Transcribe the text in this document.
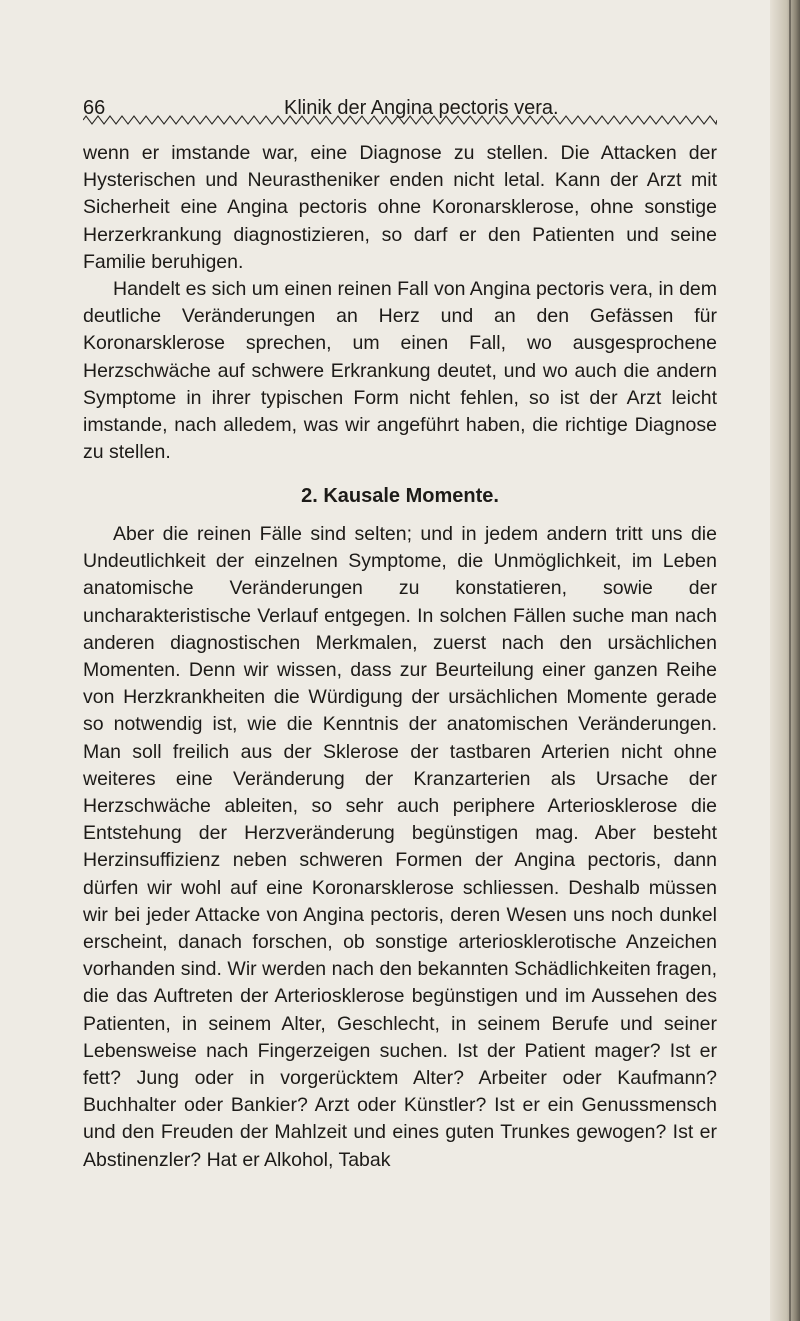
66	Klinik der Angina pectoris vera.

wenn er imstande war, eine Diagnose zu stellen. Die Attacken der Hysterischen und Neurastheniker enden nicht letal. Kann der Arzt mit Sicherheit eine Angina pectoris ohne Koronarsklerose, ohne sonstige Herzerkrankung diagnostizieren, so darf er den Patienten und seine Familie beruhigen.

Handelt es sich um einen reinen Fall von Angina pectoris vera, in dem deutliche Veränderungen an Herz und an den Gefässen für Koronarsklerose sprechen, um einen Fall, wo ausgesprochene Herzschwäche auf schwere Erkrankung deutet, und wo auch die andern Symptome in ihrer typischen Form nicht fehlen, so ist der Arzt leicht imstande, nach alledem, was wir angeführt haben, die richtige Diagnose zu stellen.

2. Kausale Momente.

Aber die reinen Fälle sind selten; und in jedem andern tritt uns die Undeutlichkeit der einzelnen Symptome, die Unmöglichkeit, im Leben anatomische Veränderungen zu konstatieren, sowie der uncharakteristische Verlauf entgegen. In solchen Fällen suche man nach anderen diagnostischen Merkmalen, zuerst nach den ursächlichen Momenten. Denn wir wissen, dass zur Beurteilung einer ganzen Reihe von Herzkrankheiten die Würdigung der ursächlichen Momente gerade so notwendig ist, wie die Kenntnis der anatomischen Veränderungen. Man soll freilich aus der Sklerose der tastbaren Arterien nicht ohne weiteres eine Veränderung der Kranzarterien als Ursache der Herzschwäche ableiten, so sehr auch periphere Arteriosklerose die Entstehung der Herzveränderung begünstigen mag. Aber besteht Herzinsuffizienz neben schweren Formen der Angina pectoris, dann dürfen wir wohl auf eine Koronarsklerose schliessen. Deshalb müssen wir bei jeder Attacke von Angina pectoris, deren Wesen uns noch dunkel erscheint, danach forschen, ob sonstige arteriosklerotische Anzeichen vorhanden sind. Wir werden nach den bekannten Schädlichkeiten fragen, die das Auftreten der Arteriosklerose begünstigen und im Aussehen des Patienten, in seinem Alter, Geschlecht, in seinem Berufe und seiner Lebensweise nach Fingerzeigen suchen. Ist der Patient mager? Ist er fett? Jung oder in vorgerücktem Alter? Arbeiter oder Kaufmann? Buchhalter oder Bankier? Arzt oder Künstler? Ist er ein Genussmensch und den Freuden der Mahlzeit und eines guten Trunkes gewogen? Ist er Abstinenzler? Hat er Alkohol, Tabak
